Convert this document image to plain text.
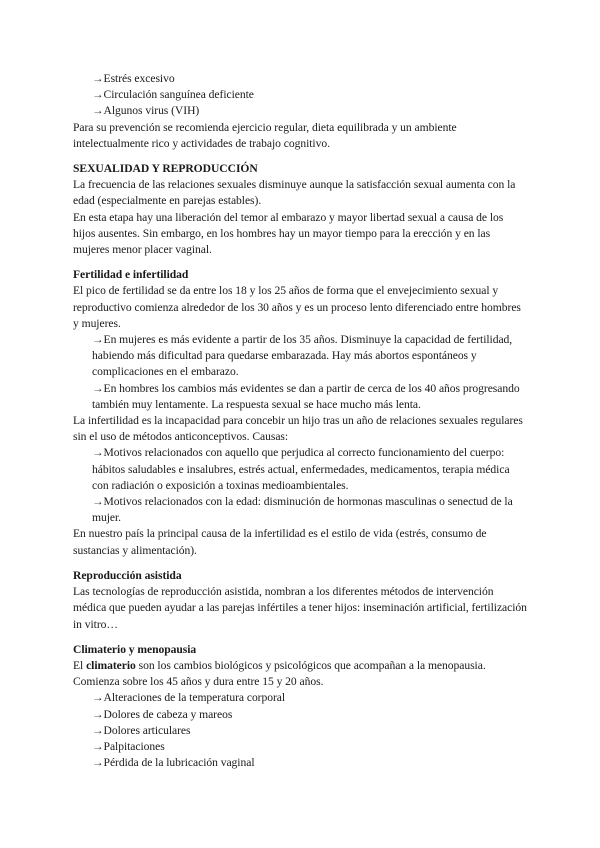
→Estrés excesivo
→Circulación sanguínea deficiente
→Algunos virus (VIH)

Para su prevención se recomienda ejercicio regular, dieta equilibrada y un ambiente intelectualmente rico y actividades de trabajo cognitivo.

SEXUALIDAD Y REPRODUCCIÓN

La frecuencia de las relaciones sexuales disminuye aunque la satisfacción sexual aumenta con la edad (especialmente en parejas estables).

En esta etapa hay una liberación del temor al embarazo y mayor libertad sexual a causa de los hijos ausentes. Sin embargo, en los hombres hay un mayor tiempo para la erección y en las mujeres menor placer vaginal.

Fertilidad e infertilidad

El pico de fertilidad se da entre los 18 y los 25 años de forma que el envejecimiento sexual y reproductivo comienza alrededor de los 30 años y es un proceso lento diferenciado entre hombres y mujeres.

→En mujeres es más evidente a partir de los 35 años. Disminuye la capacidad de fertilidad, habiendo más dificultad para quedarse embarazada. Hay más abortos espontáneos y complicaciones en el embarazo.
→En hombres los cambios más evidentes se dan a partir de cerca de los 40 años progresando también muy lentamente. La respuesta sexual se hace mucho más lenta.

La infertilidad es la incapacidad para concebir un hijo tras un año de relaciones sexuales regulares sin el uso de métodos anticonceptivos. Causas:

→Motivos relacionados con aquello que perjudica al correcto funcionamiento del cuerpo: hábitos saludables e insalubres, estrés actual, enfermedades, medicamentos, terapia médica con radiación o exposición a toxinas medioambientales.
→Motivos relacionados con la edad: disminución de hormonas masculinas o senectud de la mujer.

En nuestro país la principal causa de la infertilidad es el estilo de vida (estrés, consumo de sustancias y alimentación).

Reproducción asistida

Las tecnologías de reproducción asistida, nombran a los diferentes métodos de intervención médica que pueden ayudar a las parejas infértiles a tener hijos: inseminación artificial, fertilización in vitro…

Climaterio y menopausia

El climaterio son los cambios biológicos y psicológicos que acompañan a la menopausia. Comienza sobre los 45 años y dura entre 15 y 20 años.

→Alteraciones de la temperatura corporal
→Dolores de cabeza y mareos
→Dolores articulares
→Palpitaciones
→Pérdida de la lubricación vaginal
